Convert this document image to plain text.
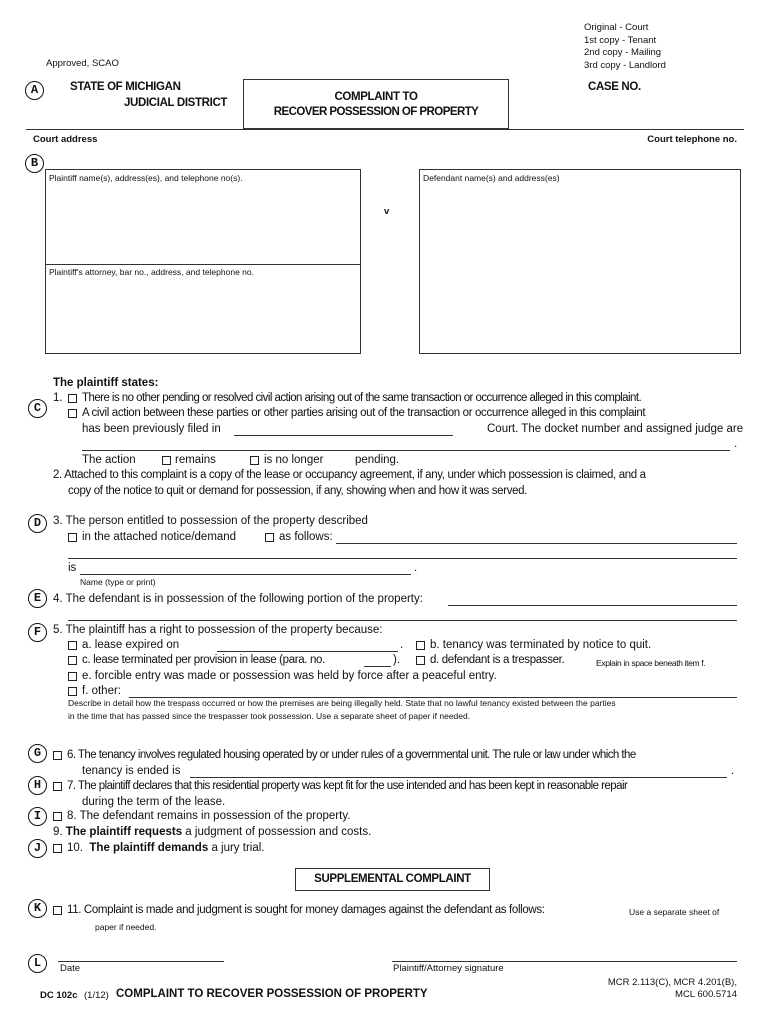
Original - Court
1st copy - Tenant
2nd copy - Mailing
3rd copy - Landlord
Approved, SCAO
A	STATE OF MICHIGAN
JUDICIAL DISTRICT	COMPLAINT TO
RECOVER POSSESSION OF PROPERTY
CASE NO.
Court address	Court telephone no.
B
Plaintiff name(s), address(es), and telephone no(s).
Plaintiff's attorney, bar no., address, and telephone no.
v
Defendant name(s) and address(es)
The plaintiff states:
C
1. There is no other pending or resolved civil action arising out of the same transaction or occurrence alleged in this complaint.
A civil action between these parties or other parties arising out of the transaction or occurrence alleged in this complaint
has been previously filed in	Court. The docket number and assigned judge are
.
The action	remains	is no longer	pending.
2. Attached to this complaint is a copy of the lease or occupancy agreement, if any, under which possession is claimed, and a
copy of the notice to quit or demand for possession, if any, showing when and how it was served.
D	3. The person entitled to possession of the property described
in the attached notice/demand	as follows:
is	.
Name (type or print)
E	4. The defendant is in possession of the following portion of the property:
F	5. The plaintiff has a right to possession of the property because:
a. lease expired on	. b. tenancy was terminated by notice to quit.
c. lease terminated per provision in lease (para. no.	).	d. defendant is a trespasser.	Explain in space beneath item f.
e. forcible entry was made or possession was held by force after a peaceful entry.
f. other:
Describe in detail how the trespass occurred or how the premises are being illegally held. State that no lawful tenancy existed between the parties
in the time that has passed since the trespasser took possession. Use a separate sheet of paper if needed.
G	6. The tenancy involves regulated housing operated by or under rules of a governmental unit. The rule or law under which the
tenancy is ended is	.
H	7. The plaintiff declares that this residential property was kept fit for the use intended and has been kept in reasonable repair
during the term of the lease.
I	8. The defendant remains in possession of the property.
9. The plaintiff requests a judgment of possession and costs.
J	10. The plaintiff demands a jury trial.
SUPPLEMENTAL COMPLAINT
K	11. Complaint is made and judgment is sought for money damages against the defendant as follows:	Use a separate sheet of
paper if needed.
L	Date	Plaintiff/Attorney signature
DC 102c (1/12) COMPLAINT TO RECOVER POSSESSION OF PROPERTY
MCR 2.113(C), MCR 4.201(B),
MCL 600.5714
